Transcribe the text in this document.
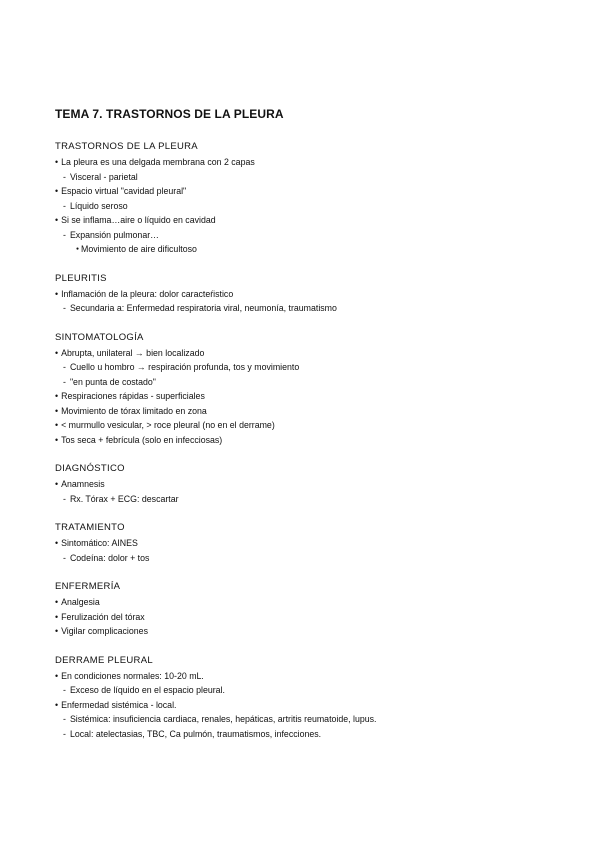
TEMA 7. TRASTORNOS DE LA PLEURA
TRASTORNOS DE LA PLEURA
• La pleura es una delgada membrana con 2 capas
- Visceral - parietal
• Espacio virtual "cavidad pleural"
- Líquido seroso
• Si se inflama…aire o líquido en cavidad
- Expansión pulmonar…
● Movimiento de aire dificultoso
PLEURITIS
• Inflamación de la pleura: dolor caracteŕistico
- Secundaria a: Enfermedad respiratoria viral, neumonía, traumatismo
SINTOMATOLOGÍA
• Abrupta, unilateral → bien localizado
- Cuello u hombro → respiración profunda, tos y movimiento
- "en punta de costado"
• Respiraciones rápidas - superficiales
• Movimiento de tórax limitado en zona
• < murmullo vesicular, > roce pleural (no en el derrame)
• Tos seca + febrícula (solo en infecciosas)
DIAGNÓSTICO
• Anamnesis
- Rx. Tórax + ECG: descartar
TRATAMIENTO
• Sintomático: AINES
- Codeína: dolor + tos
ENFERMERÍA
• Analgesia
• Ferulización del tórax
• Vigilar complicaciones
DERRAME PLEURAL
• En condiciones normales: 10-20 mL.
- Exceso de líquido en el espacio pleural.
• Enfermedad sistémica - local.
- Sistémica: insuficiencia cardiaca, renales, hepáticas, artritis reumatoide, lupus.
- Local: atelectasias, TBC, Ca pulmón, traumatismos, infecciones.
